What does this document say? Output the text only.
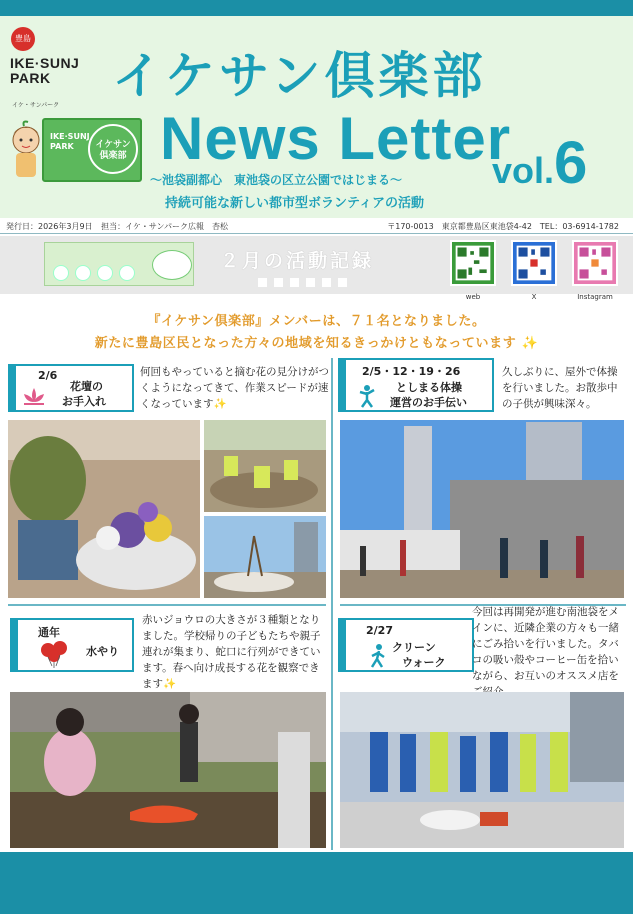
豊島
IKE·SUNJ
PARK
イケ・サンパーク
IKE·SUNJ
PARK	イケサン
倶楽部
イケサン倶楽部
News Letter
vol.6
～池袋副都心　東池袋の区立公園ではじまる～
持続可能な新しい都市型ボランティアの活動
発行日：2026年3月9日 担当：イケ・サンパーク広報　杏松	〒170-0013　東京都豊島区東池袋4-42　TEL：03-6914-1782
２月の活動記録
web	X	Instagram
『イケサン倶楽部』メンバーは、７１名となりました。
新たに豊島区民となった方々の地域を知るきっかけともなっています ✨
2/6
花壇の
お手入れ
何回もやっていると摘む花の見分けがつくようになってきて、作業スピードが速くなっています✨
2/5・12・19・26
としまる体操
運営のお手伝い
久しぶりに、屋外で体操を行いました。お散歩中の子供が興味深々。
通年
水やり
赤いジョウロの大きさが３種類となりました。学校帰りの子どもたちや親子連れが集まり、蛇口に行列ができています。春へ向け成長する花を観察できます✨
2/27
クリーン
ウォーク
今回は再開発が進む南池袋をメインに、近隣企業の方々も一緒にごみ拾いを行いました。タバコの吸い殻やコーヒー缶を拾いながら、お互いのオススメ店を
